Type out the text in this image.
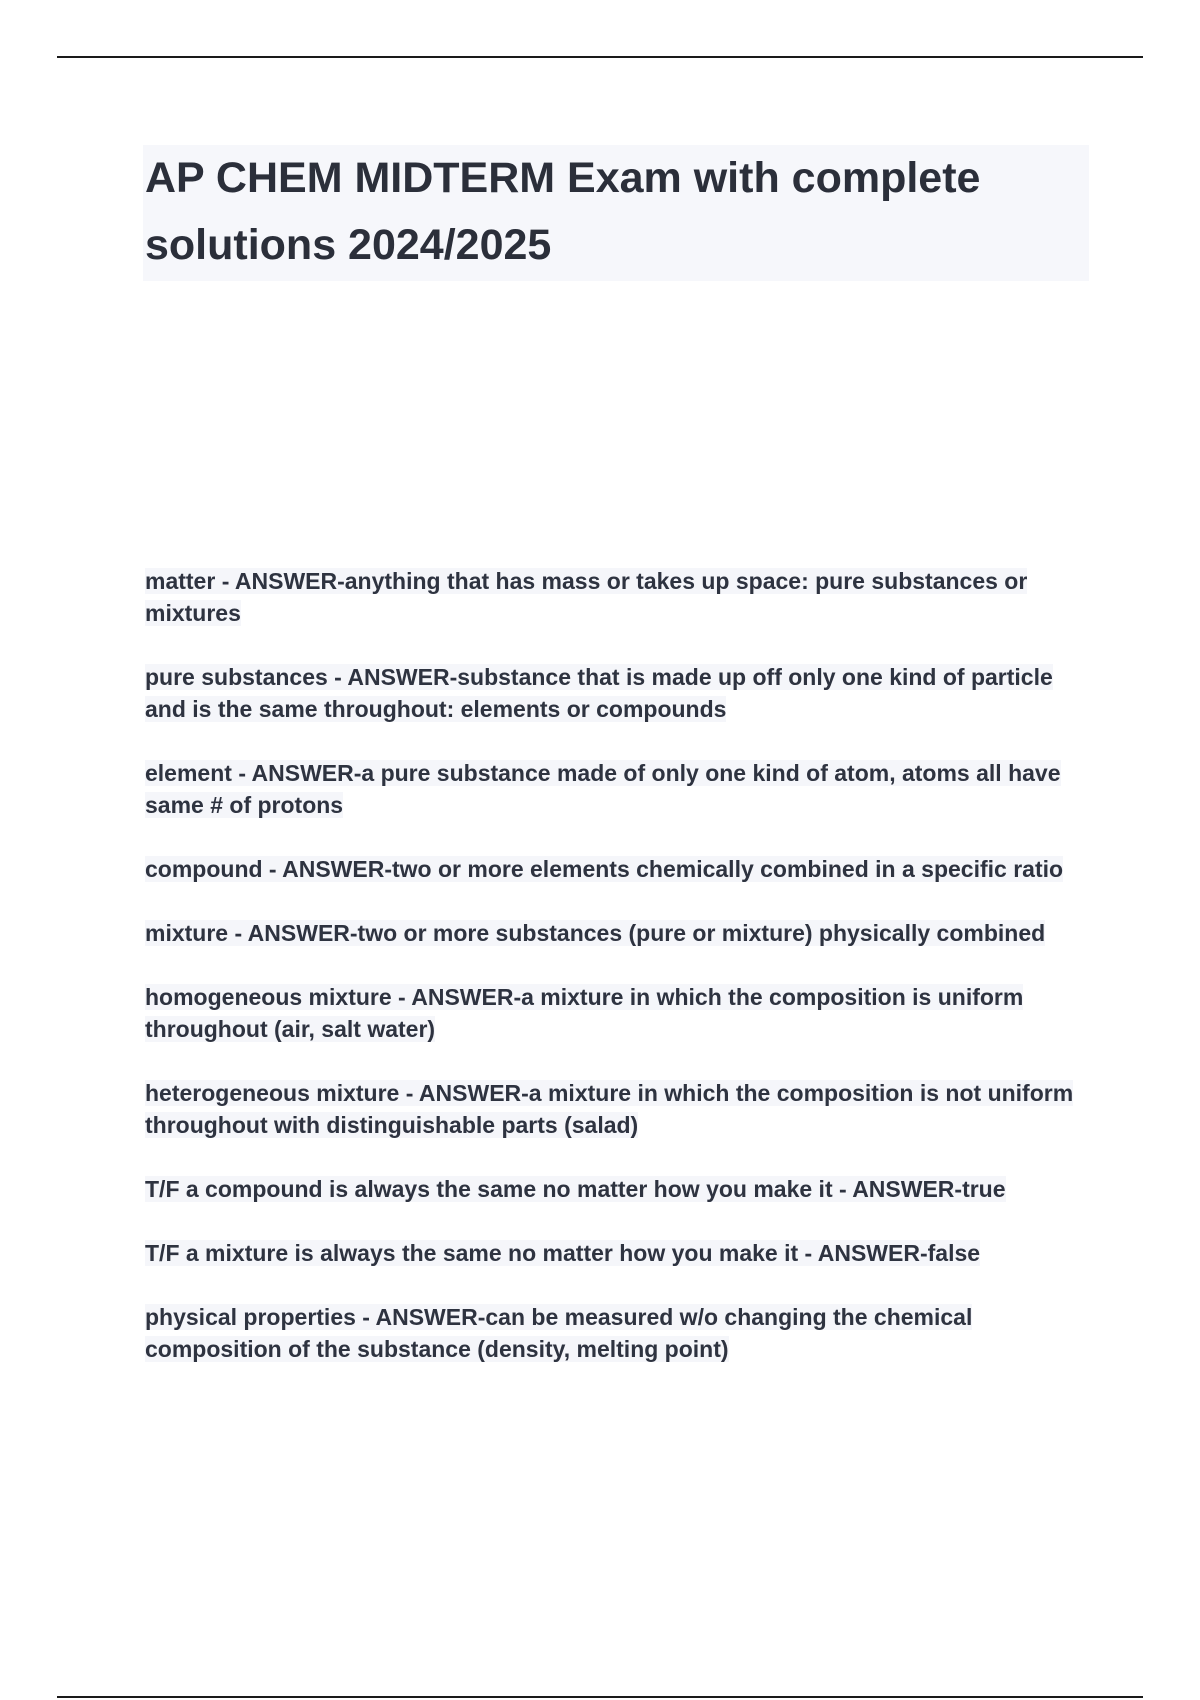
AP CHEM MIDTERM Exam with complete solutions 2024/2025

matter - ANSWER-anything that has mass or takes up space: pure substances or mixtures

pure substances - ANSWER-substance that is made up off only one kind of particle and is the same throughout: elements or compounds

element - ANSWER-a pure substance made of only one kind of atom, atoms all have same # of protons

compound - ANSWER-two or more elements chemically combined in a specific ratio

mixture - ANSWER-two or more substances (pure or mixture) physically combined

homogeneous mixture - ANSWER-a mixture in which the composition is uniform throughout (air, salt water)

heterogeneous mixture - ANSWER-a mixture in which the composition is not uniform throughout with distinguishable parts (salad)

T/F a compound is always the same no matter how you make it - ANSWER-true

T/F a mixture is always the same no matter how you make it - ANSWER-false

physical properties - ANSWER-can be measured w/o changing the chemical composition of the substance (density, melting point)
